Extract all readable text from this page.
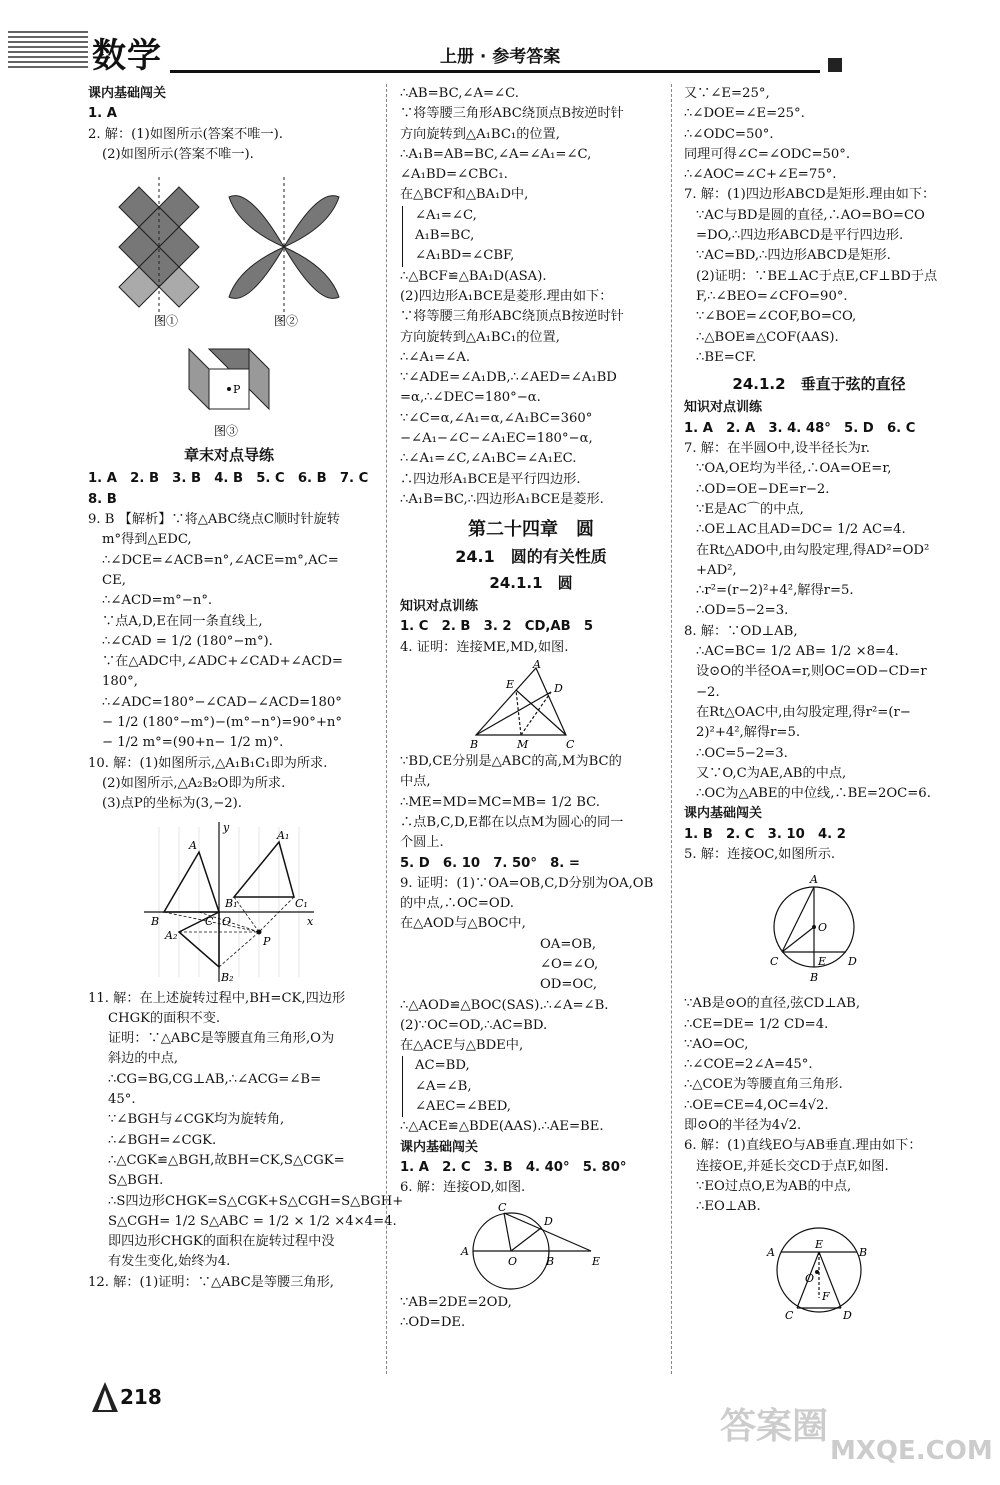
数学	上册 · 参考答案
课内基础闯关
1. A
2. 解：(1)如图所示(答案不唯一).
(2)如图所示(答案不唯一).
图①	图②
P
图③
章末对点导练
1. A　2. B　3. B　4. B　5. C　6. B　7. C
8. B
9. B 【解析】∵将△ABC绕点C顺时针旋转
m°得到△EDC,
∴∠DCE=∠ACB=n°,∠ACE=m°,AC=
CE,
∴∠ACD=m°−n°.
∵点A,D,E在同一条直线上,
∴∠CAD = 1/2 (180°−m°).
∵在△ADC中,∠ADC+∠CAD+∠ACD=
180°,
∴∠ADC=180°−∠CAD−∠ACD=180°
− 1/2 (180°−m°)−(m°−n°)=90°+n°
− 1/2 m°=(90+n− 1/2 m)°.
10. 解：(1)如图所示,△A₁B₁C₁即为所求.
(2)如图所示,△A₂B₂O即为所求.
(3)点P的坐标为(3,−2).
y
x
A
A₁
A₂
B
B₁
B₂
C
C₁
O
P
11. 解：在上述旋转过程中,BH=CK,四边形
CHGK的面积不变.
证明：∵△ABC是等腰直角三角形,O为
斜边的中点,
∴CG=BG,CG⊥AB,∴∠ACG=∠B=
45°.
∵∠BGH与∠CGK均为旋转角,
∴∠BGH=∠CGK.
∴△CGK≌△BGH,故BH=CK,S△CGK=
S△BGH.
∴S四边形CHGK=S△CGK+S△CGH=S△BGH+
S△CGH= 1/2 S△ABC = 1/2 × 1/2 ×4×4=4.
即四边形CHGK的面积在旋转过程中没
有发生变化,始终为4.
12. 解：(1)证明：∵△ABC是等腰三角形,
∴AB=BC,∠A=∠C.
∵将等腰三角形ABC绕顶点B按逆时针
方向旋转到△A₁BC₁的位置,
∴A₁B=AB=BC,∠A=∠A₁=∠C,
∠A₁BD=∠CBC₁.
在△BCF和△BA₁D中,
∠A₁=∠C,
A₁B=BC,
∠A₁BD=∠CBF,
∴△BCF≌△BA₁D(ASA).
(2)四边形A₁BCE是菱形.理由如下：
∵将等腰三角形ABC绕顶点B按逆时针
方向旋转到△A₁BC₁的位置,
∴∠A₁=∠A.
∵∠ADE=∠A₁DB,∴∠AED=∠A₁BD
=α,∴∠DEC=180°−α.
∵∠C=α,∠A₁=α,∠A₁BC=360°
−∠A₁−∠C−∠A₁EC=180°−α,
∴∠A₁=∠C,∠A₁BC=∠A₁EC.
∴四边形A₁BCE是平行四边形.
∴A₁B=BC,∴四边形A₁BCE是菱形.
第二十四章　圆
24.1　圆的有关性质
24.1.1　圆
知识对点训练
1. C　2. B　3. 2　CD,AB　5
4. 证明：连接ME,MD,如图.
A
B	C
D
E
M
∵BD,CE分别是△ABC的高,M为BC的
中点,
∴ME=MD=MC=MB= 1/2 BC.
∴点B,C,D,E都在以点M为圆心的同一
个圆上.
5. D　6. 10　7. 50°　8. =
9. 证明：(1)∵OA=OB,C,D分别为OA,OB
的中点,∴OC=OD.
在△AOD与△BOC中,
OA=OB,
∠O=∠O,
OD=OC,
∴△AOD≌△BOC(SAS).∴∠A=∠B.
(2)∵OC=OD,∴AC=BD.
在△ACE与△BDE中,
AC=BD,
∠A=∠B,
∠AEC=∠BED,
∴△ACE≌△BDE(AAS).∴AE=BE.
课内基础闯关
1. A　2. C　3. B　4. 40°　5. 80°
6. 解：连接OD,如图.
A
B
C
D
E
O
∵AB=2DE=2OD,
∴OD=DE.
又∵∠E=25°,
∴∠DOE=∠E=25°.
∴∠ODC=50°.
同理可得∠C=∠ODC=50°.
∴∠AOC=∠C+∠E=75°.
7. 解：(1)四边形ABCD是矩形.理由如下：
∵AC与BD是圆的直径,∴AO=BO=CO
=DO,∴四边形ABCD是平行四边形.
∵AC=BD,∴四边形ABCD是矩形.
(2)证明：∵BE⊥AC于点E,CF⊥BD于点
F,∴∠BEO=∠CFO=90°.
∵∠BOE=∠COF,BO=CO,
∴△BOE≌△COF(AAS).
∴BE=CF.
24.1.2　垂直于弦的直径
知识对点训练
1. A　2. A　3. 4. 48°　5. D　6. C
7. 解：在半圆O中,设半径长为r.
∵OA,OE均为半径,∴OA=OE=r,
∴OD=OE−DE=r−2.
∵E是AC⌒的中点,
∴OE⊥AC且AD=DC= 1/2 AC=4.
在Rt△ADO中,由勾股定理,得AD²=OD²
+AD²,
∴r²=(r−2)²+4²,解得r=5.
∴OD=5−2=3.
8. 解：∵OD⊥AB,
∴AC=BC= 1/2 AB= 1/2 ×8=4.
设⊙O的半径OA=r,则OC=OD−CD=r
−2.
在Rt△OAC中,由勾股定理,得r²=(r−
2)²+4²,解得r=5.
∴OC=5−2=3.
又∵O,C为AE,AB的中点,
∴OC为△ABE的中位线,∴BE=2OC=6.
课内基础闯关
1. B　2. C　3. 10　4. 2
5. 解：连接OC,如图所示.
A
B
C	D
E
O
∵AB是⊙O的直径,弦CD⊥AB,
∴CE=DE= 1/2 CD=4.
∵AO=OC,
∴∠COE=2∠A=45°.
∴△COE为等腰直角三角形.
∴OE=CE=4,OC=4√2.
即⊙O的半径为4√2.
6. 解：(1)直线EO与AB垂直.理由如下：
连接OE,并延长交CD于点F,如图.
∵EO过点O,E为AB的中点,
∴EO⊥AB.
A	B
C	D
E
F
O
218
答案圈
MXQE.COM
